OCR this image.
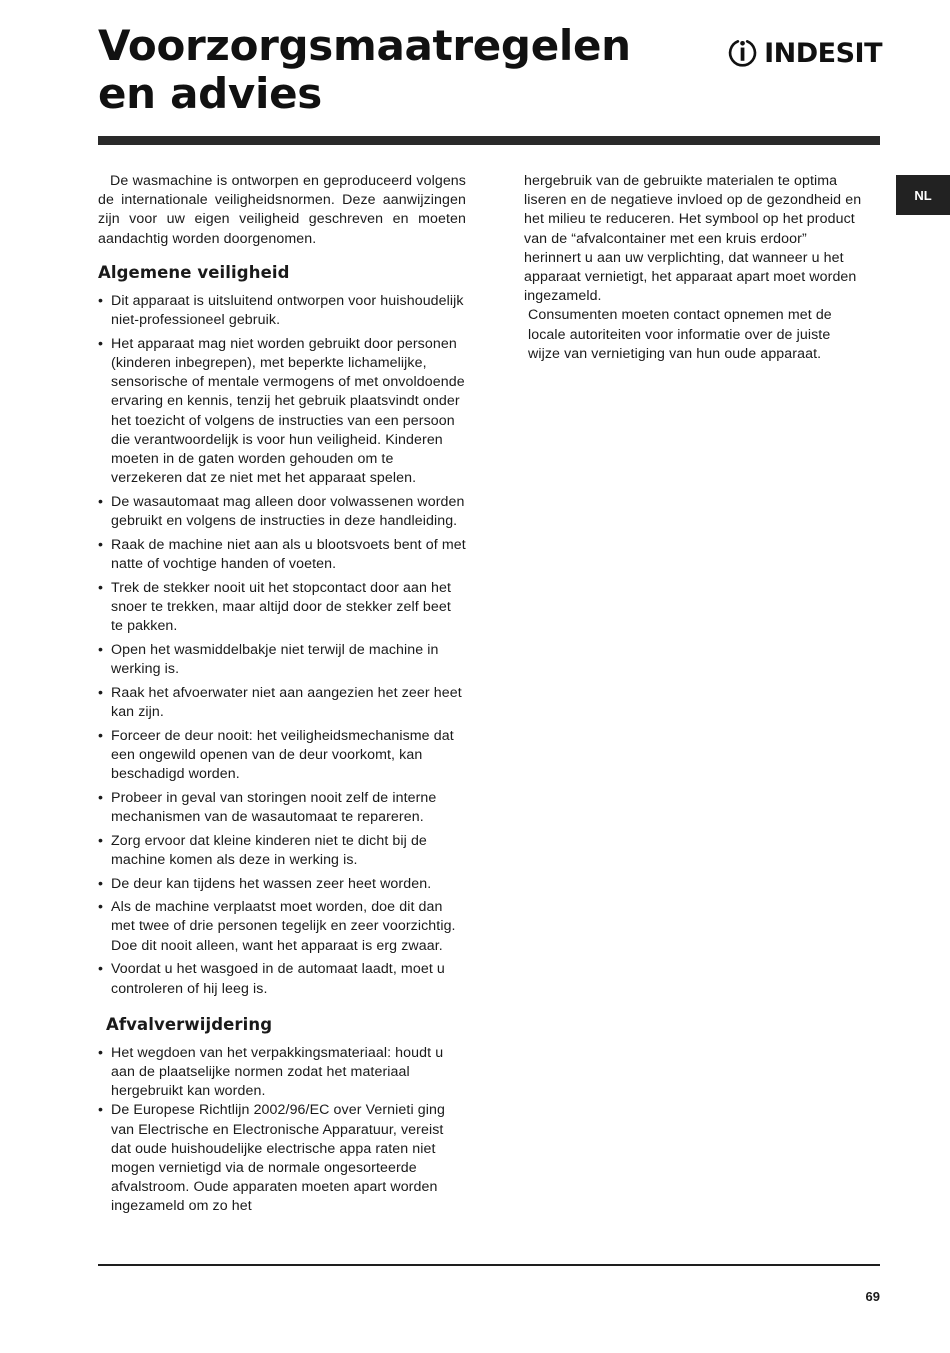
Voorzorgsmaatregelen
en advies
INDESIT
NL

De wasmachine is ontworpen en geproduceerd volgens de internationale veiligheidsnormen. Deze aanwijzingen zijn voor uw eigen veiligheid geschreven en moeten aandachtig worden doorgenomen.

Algemene veiligheid
• Dit apparaat is uitsluitend ontworpen voor huishoudelijk niet-professioneel gebruik.
• Het apparaat mag niet worden gebruikt door personen (kinderen inbegrepen), met beperkte lichamelijke, sensorische of mentale vermogens of met onvoldoende ervaring en kennis, tenzij het gebruik plaatsvindt onder het toezicht of volgens de instructies van een persoon die verantwoordelijk is voor hun veiligheid. Kinderen moeten in de gaten worden gehouden om te verzekeren dat ze niet met het apparaat spelen.
• De wasautomaat mag alleen door volwassenen worden gebruikt en volgens de instructies in deze handleiding.
• Raak de machine niet aan als u blootsvoets bent of met natte of vochtige handen of voeten.
• Trek de stekker nooit uit het stopcontact door aan het snoer te trekken, maar altijd door de stekker zelf beet te pakken.
• Open het wasmiddelbakje niet terwijl de machine in werking is.
• Raak het afvoerwater niet aan aangezien het zeer heet kan zijn.
• Forceer de deur nooit: het veiligheidsmechanisme dat een ongewild openen van de deur voorkomt, kan beschadigd worden.
• Probeer in geval van storingen nooit zelf de interne mechanismen van de wasautomaat te repareren.
• Zorg ervoor dat kleine kinderen niet te dicht bij de machine komen als deze in werking is.
• De deur kan tijdens het wassen zeer heet worden.
• Als de machine verplaatst moet worden, doe dit dan met twee of drie personen tegelijk en zeer voorzichtig. Doe dit nooit alleen, want het apparaat is erg zwaar.
• Voordat u het wasgoed in de automaat laadt, moet u controleren of hij leeg is.
Afvalverwijdering
• Het wegdoen van het verpakkingsmateriaal: houdt u aan de plaatselijke normen zodat het materiaal hergebruikt kan worden.
• De Europese Richtlijn 2002/96/EC over Vernieti ging van Electrische en Electronische Apparatuur, vereist dat oude huishoudelijke electrische appa raten niet mogen vernietigd via de normale ongesorteerde afvalstroom. Oude apparaten moeten apart worden ingezameld om zo het

hergebruik van de gebruikte materialen te optima liseren en de negatieve invloed op de gezondheid en het milieu te reduceren. Het symbool op het product van de “afvalcontainer met een kruis erdoor” herinnert u aan uw verplichting, dat wanneer u het apparaat vernietigt, het apparaat apart moet worden ingezameld.

Consumenten moeten contact opnemen met de locale autoriteiten voor informatie over de juiste wijze van vernietiging van hun oude apparaat.

69
